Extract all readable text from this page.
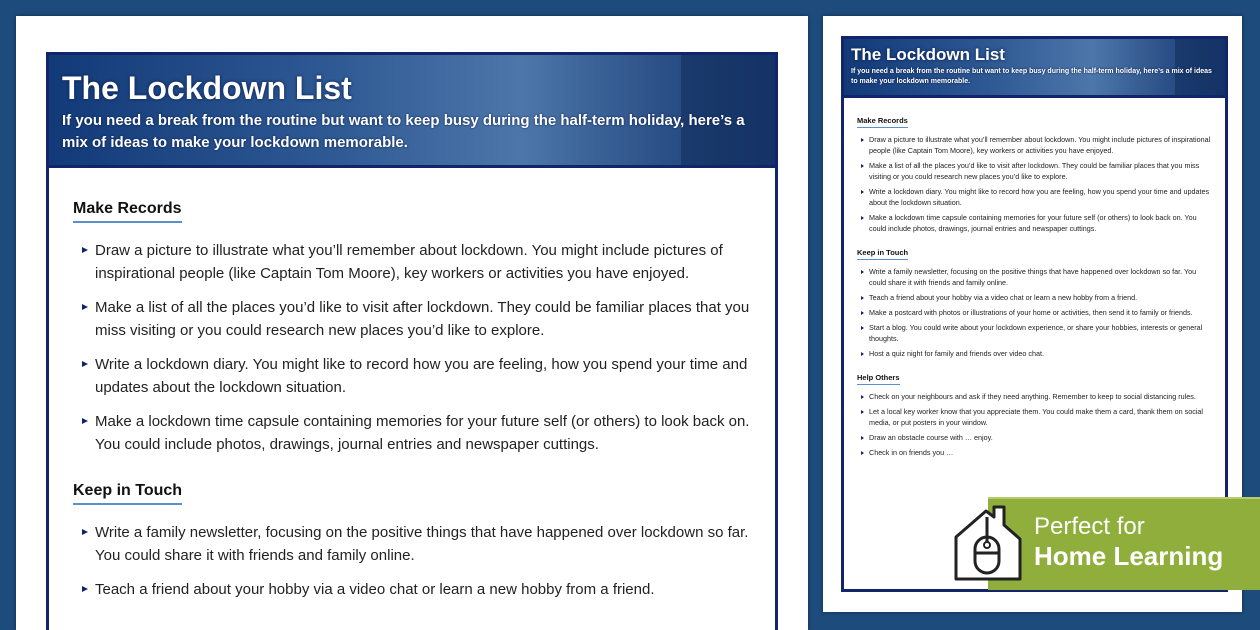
The Lockdown List
If you need a break from the routine but want to keep busy during the half-term holiday, here’s a mix of ideas to make your lockdown memorable.
Make Records
Draw a picture to illustrate what you’ll remember about lockdown. You might include pictures of inspirational people (like Captain Tom Moore), key workers or activities you have enjoyed.
Make a list of all the places you’d like to visit after lockdown. They could be familiar places that you miss visiting or you could research new places you’d like to explore.
Write a lockdown diary. You might like to record how you are feeling, how you spend your time and updates about the lockdown situation.
Make a lockdown time capsule containing memories for your future self (or others) to look back on. You could include photos, drawings, journal entries and newspaper cuttings.
Keep in Touch
Write a family newsletter, focusing on the positive things that have happened over lockdown so far. You could share it with friends and family online.
Teach a friend about your hobby via a video chat or learn a new hobby from a friend.
The Lockdown List
If you need a break from the routine but want to keep busy during the half-term holiday, here’s a mix of ideas to make your lockdown memorable.
Make Records
Draw a picture to illustrate what you’ll remember about lockdown. You might include pictures of inspirational people (like Captain Tom Moore), key workers or activities you have enjoyed.
Make a list of all the places you’d like to visit after lockdown. They could be familiar places that you miss visiting or you could research new places you’d like to explore.
Write a lockdown diary. You might like to record how you are feeling, how you spend your time and updates about the lockdown situation.
Make a lockdown time capsule containing memories for your future self (or others) to look back on. You could include photos, drawings, journal entries and newspaper cuttings.
Keep in Touch
Write a family newsletter, focusing on the positive things that have happened over lockdown so far. You could share it with friends and family online.
Teach a friend about your hobby via a video chat or learn a new hobby from a friend.
Make a postcard with photos or illustrations of your home or activities, then send it to family or friends.
Start a blog. You could write about your lockdown experience, or share your hobbies, interests or general thoughts.
Host a quiz night for family and friends over video chat.
Help Others
Check on your neighbours and ask if they need anything. Remember to keep to social distancing rules.
Let a local key worker know that you appreciate them. You could make them a card, thank them on social media, or put posters in your window.
Draw an obstacle course with … enjoy.
Check in on friends you …
Perfect for
Home Learning
